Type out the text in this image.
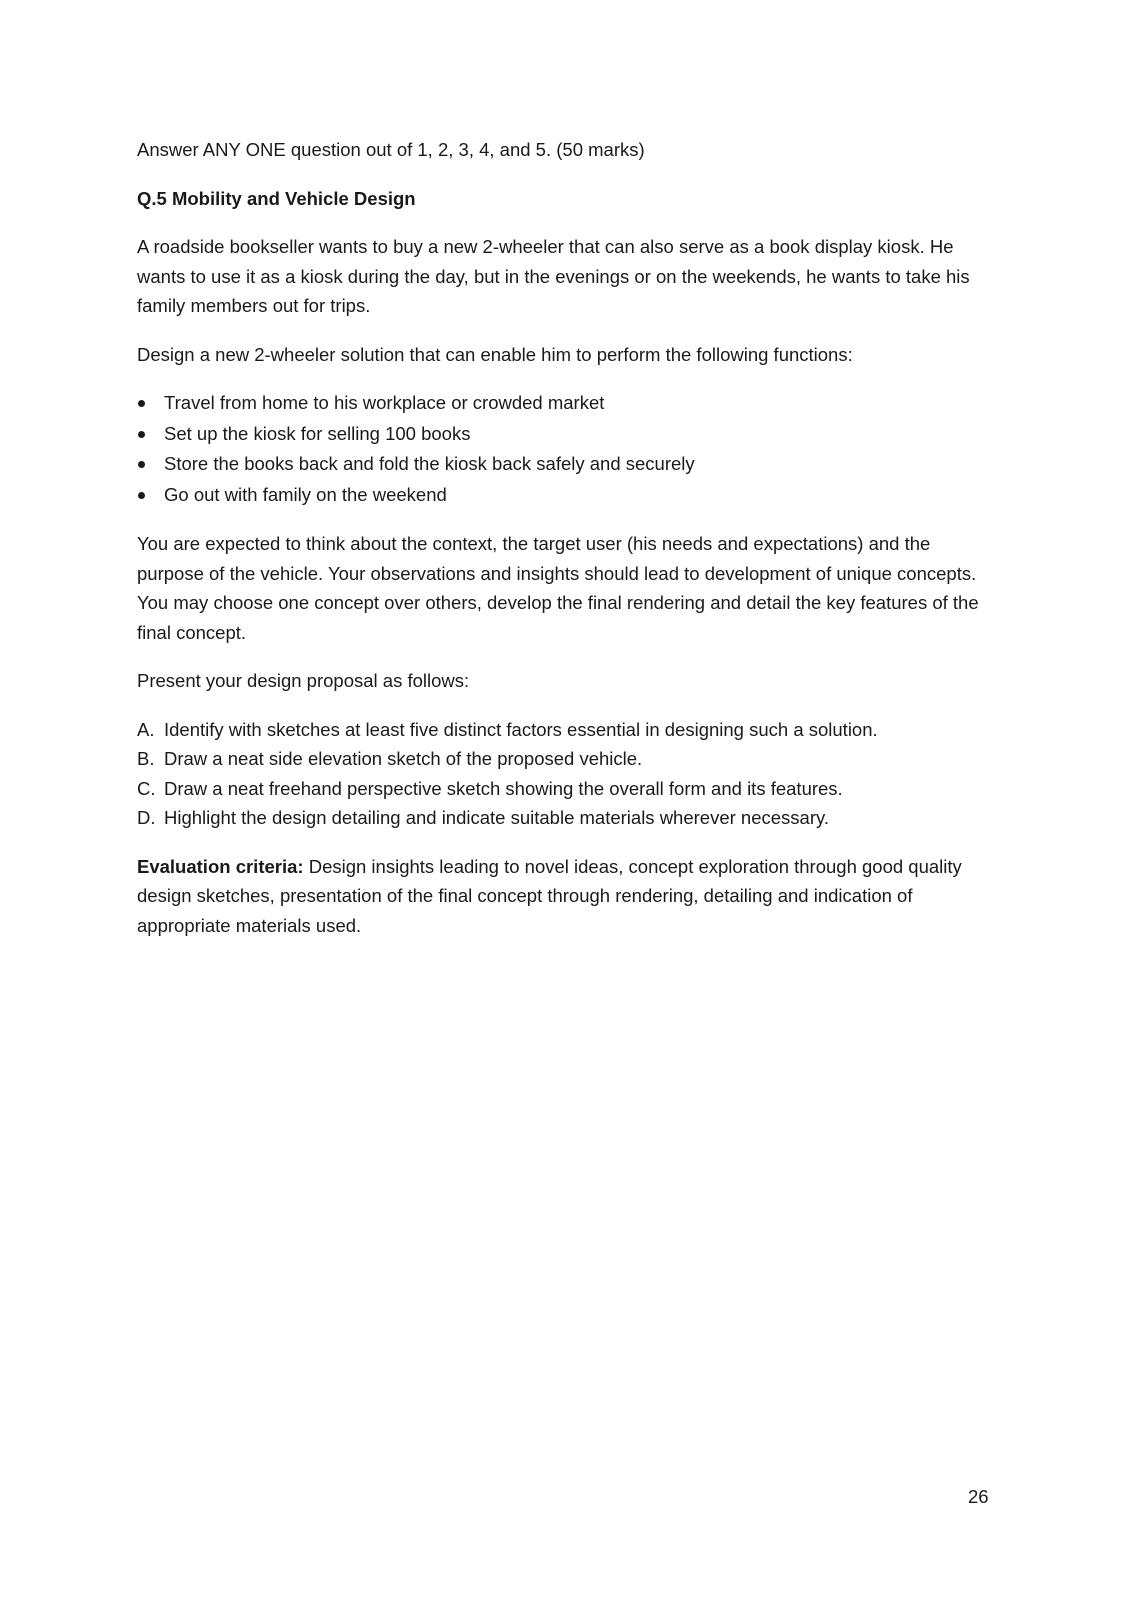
Answer ANY ONE question out of 1, 2, 3, 4, and 5. (50 marks)

Q.5 Mobility and Vehicle Design

A roadside bookseller wants to buy a new 2-wheeler that can also serve as a book display kiosk. He wants to use it as a kiosk during the day, but in the evenings or on the weekends, he wants to take his family members out for trips.

Design a new 2-wheeler solution that can enable him to perform the following functions:

Travel from home to his workplace or crowded market
Set up the kiosk for selling 100 books
Store the books back and fold the kiosk back safely and securely
Go out with family on the weekend

You are expected to think about the context, the target user (his needs and expectations) and the purpose of the vehicle. Your observations and insights should lead to development of unique concepts. You may choose one concept over others, develop the final rendering and detail the key features of the final concept.

Present your design proposal as follows:

A. Identify with sketches at least five distinct factors essential in designing such a solution.
B. Draw a neat side elevation sketch of the proposed vehicle.
C. Draw a neat freehand perspective sketch showing the overall form and its features.
D. Highlight the design detailing and indicate suitable materials wherever necessary.

Evaluation criteria: Design insights leading to novel ideas, concept exploration through good quality design sketches, presentation of the final concept through rendering, detailing and indication of appropriate materials used.

26
